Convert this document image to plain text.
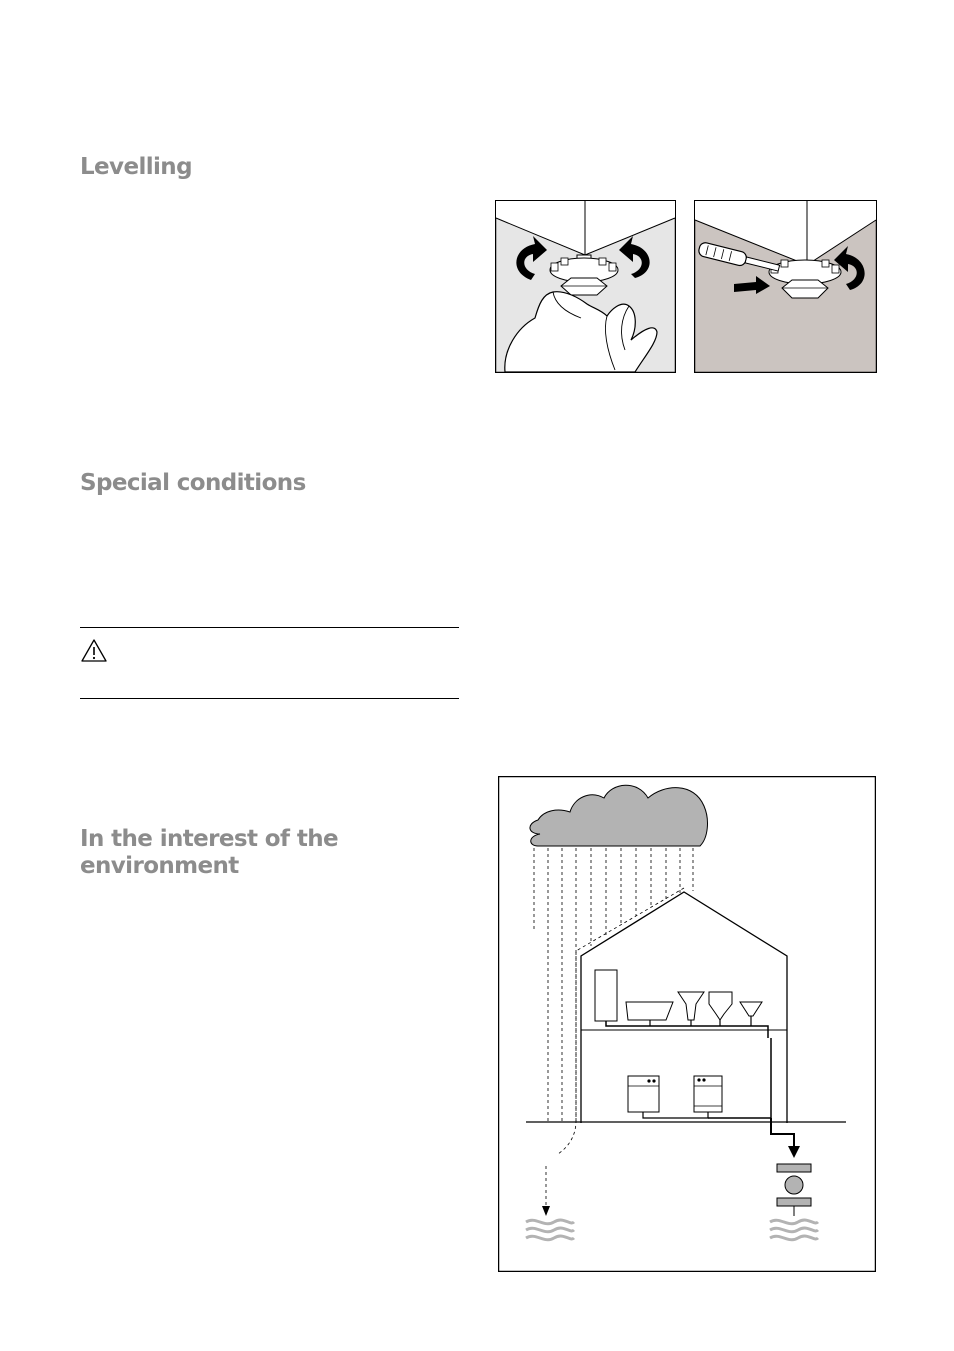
Levelling
Special conditions
In the interest of the
environment
